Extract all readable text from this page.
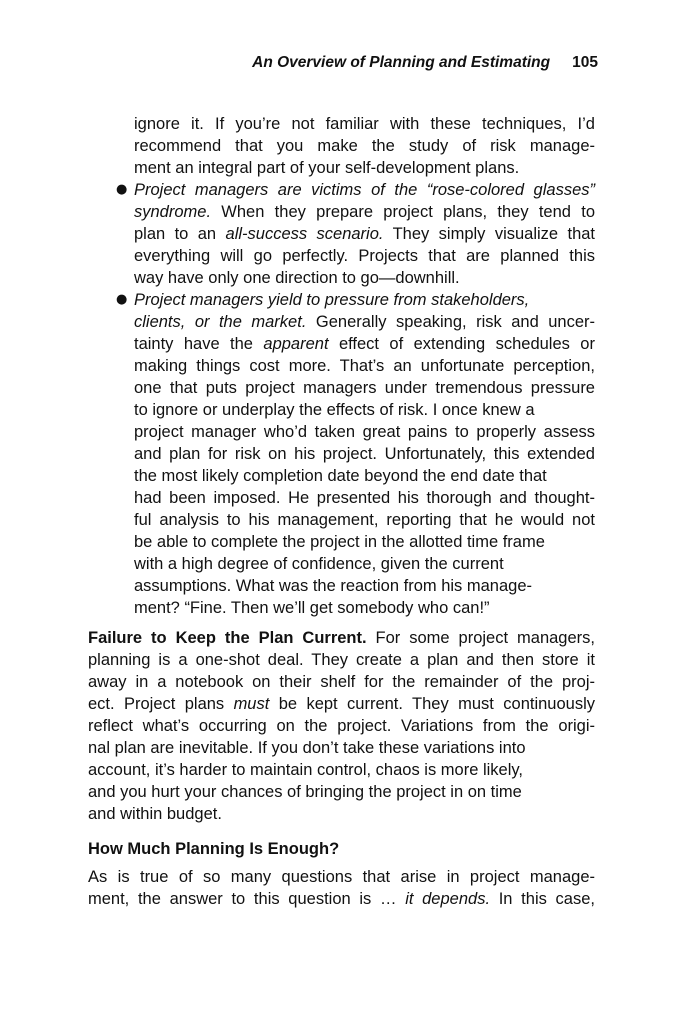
An Overview of Planning and Estimating 105
ignore it. If you’re not familiar with these techniques, I’d
recommend that you make the study of risk manage-
ment an integral part of your self-development plans.
● Project managers are victims of the “rose-colored glasses”
syndrome. When they prepare project plans, they tend to
plan to an all-success scenario. They simply visualize that
everything will go perfectly. Projects that are planned this
way have only one direction to go—downhill.
● Project managers yield to pressure from stakeholders,
clients, or the market. Generally speaking, risk and uncer-
tainty have the apparent effect of extending schedules or
making things cost more. That’s an unfortunate perception,
one that puts project managers under tremendous pressure
to ignore or underplay the effects of risk. I once knew a
project manager who’d taken great pains to properly assess
and plan for risk on his project. Unfortunately, this extended
the most likely completion date beyond the end date that
had been imposed. He presented his thorough and thought-
ful analysis to his management, reporting that he would not
be able to complete the project in the allotted time frame
with a high degree of confidence, given the current
assumptions. What was the reaction from his manage-
ment? “Fine. Then we’ll get somebody who can!”
Failure to Keep the Plan Current. For some project managers,
planning is a one-shot deal. They create a plan and then store it
away in a notebook on their shelf for the remainder of the proj-
ect. Project plans must be kept current. They must continuously
reflect what’s occurring on the project. Variations from the origi-
nal plan are inevitable. If you don’t take these variations into
account, it’s harder to maintain control, chaos is more likely,
and you hurt your chances of bringing the project in on time
and within budget.
How Much Planning Is Enough?
As is true of so many questions that arise in project manage-
ment, the answer to this question is … it depends. In this case,
